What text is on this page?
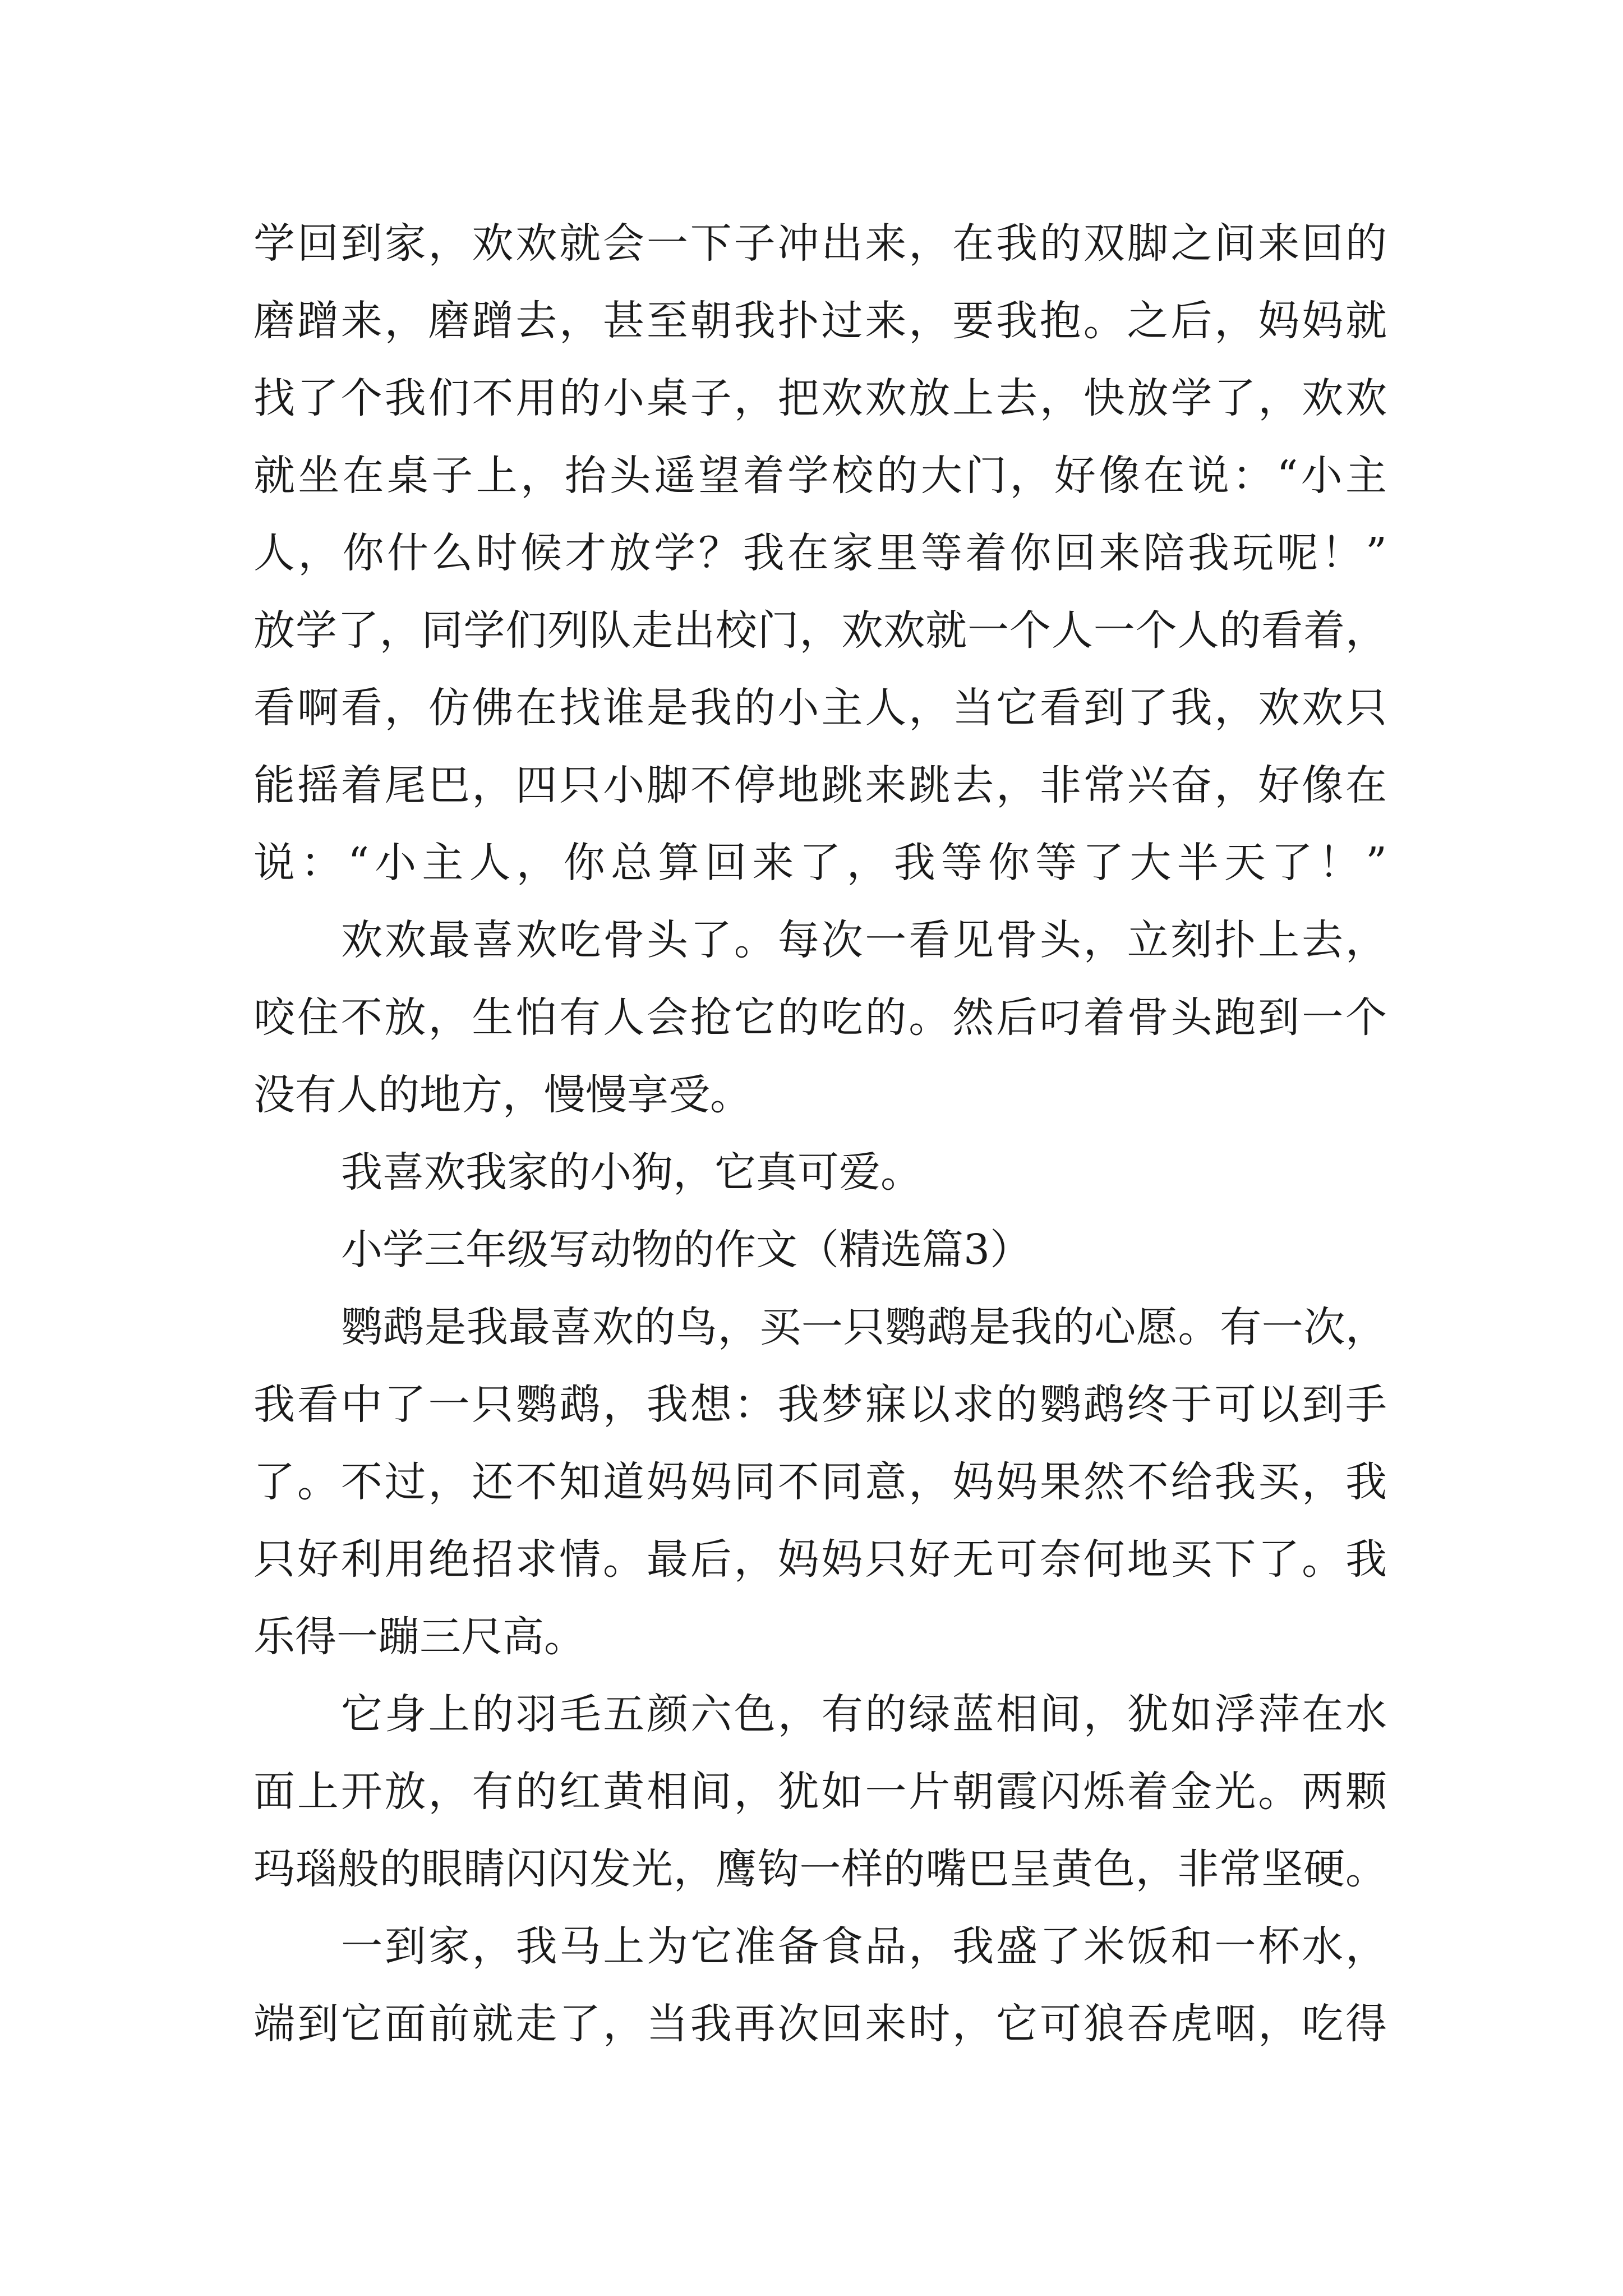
学回到家，欢欢就会一下子冲出来，在我的双脚之间来回的
磨蹭来，磨蹭去，甚至朝我扑过来，要我抱。之后，妈妈就
找了个我们不用的小桌子，把欢欢放上去，快放学了，欢欢
就坐在桌子上，抬头遥望着学校的大门，好像在说：“小主
人，你什么时候才放学？我在家里等着你回来陪我玩呢！”
放学了，同学们列队走出校门，欢欢就一个人一个人的看着，
看啊看，仿佛在找谁是我的小主人，当它看到了我，欢欢只
能摇着尾巴，四只小脚不停地跳来跳去，非常兴奋，好像在
说：“小主人，你总算回来了，我等你等了大半天了！”
欢欢最喜欢吃骨头了。每次一看见骨头，立刻扑上去，
咬住不放，生怕有人会抢它的吃的。然后叼着骨头跑到一个
没有人的地方，慢慢享受。
我喜欢我家的小狗，它真可爱。
小学三年级写动物的作文（精选篇3）
鹦鹉是我最喜欢的鸟，买一只鹦鹉是我的心愿。有一次，
我看中了一只鹦鹉，我想：我梦寐以求的鹦鹉终于可以到手
了。不过，还不知道妈妈同不同意，妈妈果然不给我买，我
只好利用绝招求情。最后，妈妈只好无可奈何地买下了。我
乐得一蹦三尺高。
它身上的羽毛五颜六色，有的绿蓝相间，犹如浮萍在水
面上开放，有的红黄相间，犹如一片朝霞闪烁着金光。两颗
玛瑙般的眼睛闪闪发光，鹰钩一样的嘴巴呈黄色，非常坚硬。
一到家，我马上为它准备食品，我盛了米饭和一杯水，
端到它面前就走了，当我再次回来时，它可狼吞虎咽，吃得
